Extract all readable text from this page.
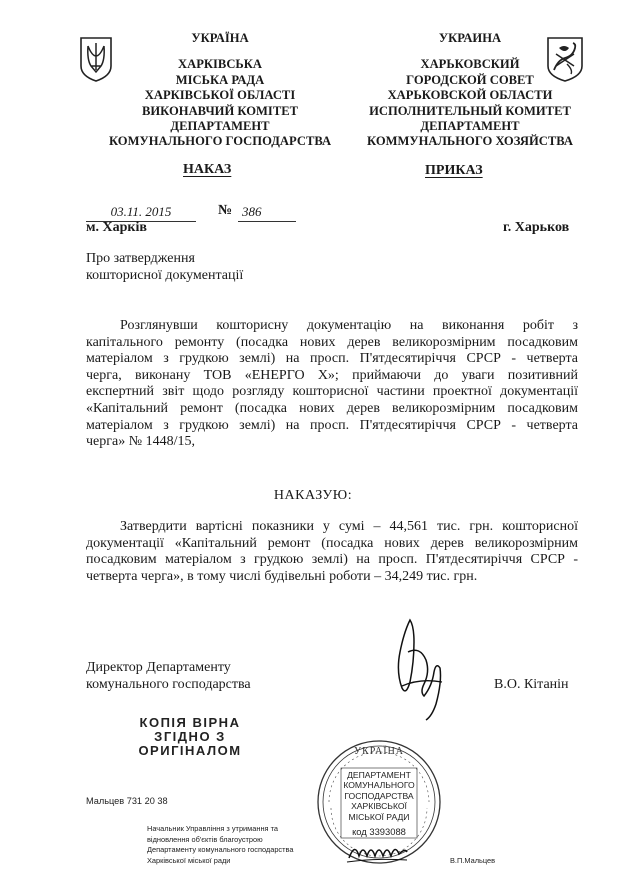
УКРАЇНА
ХАРКІВСЬКА
МІСЬКА РАДА
ХАРКІВСЬКОЇ ОБЛАСТІ
ВИКОНАВЧИЙ КОМІТЕТ
ДЕПАРТАМЕНТ
КОМУНАЛЬНОГО ГОСПОДАРСТВА
УКРАИНА
ХАРЬКОВСКИЙ
ГОРОДСКОЙ СОВЕТ
ХАРЬКОВСКОЙ ОБЛАСТИ
ИСПОЛНИТЕЛЬНЫЙ КОМИТЕТ
ДЕПАРТАМЕНТ
КОММУНАЛЬНОГО ХОЗЯЙСТВА
НАКАЗ	ПРИКАЗ
03.11. 2015	№ 386
м. Харків	г. Харьков
Про затвердження
кошторисної документації
Розглянувши кошторисну документацію на виконання робіт з
капітального ремонту (посадка нових дерев великорозмірним посадковим
матеріалом з грудкою землі) на просп. П'ятдесятиріччя СРСР - четверта
черга, виконану ТОВ «ЕНЕРГО Х»; приймаючи до уваги позитивний
експертний звіт щодо розгляду кошторисної частини проектної документації
«Капітальний ремонт (посадка нових дерев великорозмірним посадковим
матеріалом з грудкою землі) на просп. П'ятдесятиріччя СРСР - четверта
черга» № 1448/15,
НАКАЗУЮ:
Затвердити вартісні показники у сумі – 44,561 тис. грн. кошторисної
документації «Капітальний ремонт (посадка нових дерев великорозмірним
посадковим матеріалом з грудкою землі) на просп. П'ятдесятиріччя СРСР -
четверта черга», в тому числі будівельні роботи – 34,249 тис. грн.
Директор Департаменту
комунального господарства	В.О. Кітанін
КОПІЯ ВІРНА
ЗГІДНО З
ОРИГІНАЛОМ	УКРАЇНА
ДЕПАРТАМЕНТ
КОМУНАЛЬНОГО
ГОСПОДАРСТВА
ХАРКІВСЬКОЇ
МІСЬКОЇ РАДИ
код 3393088
Мальцев 731 20 38
Начальник Управління з утримання та
відновлення об'єктів благоустрою
Департаменту комунального господарства
Харківської міської ради	В.П.Мальцев
